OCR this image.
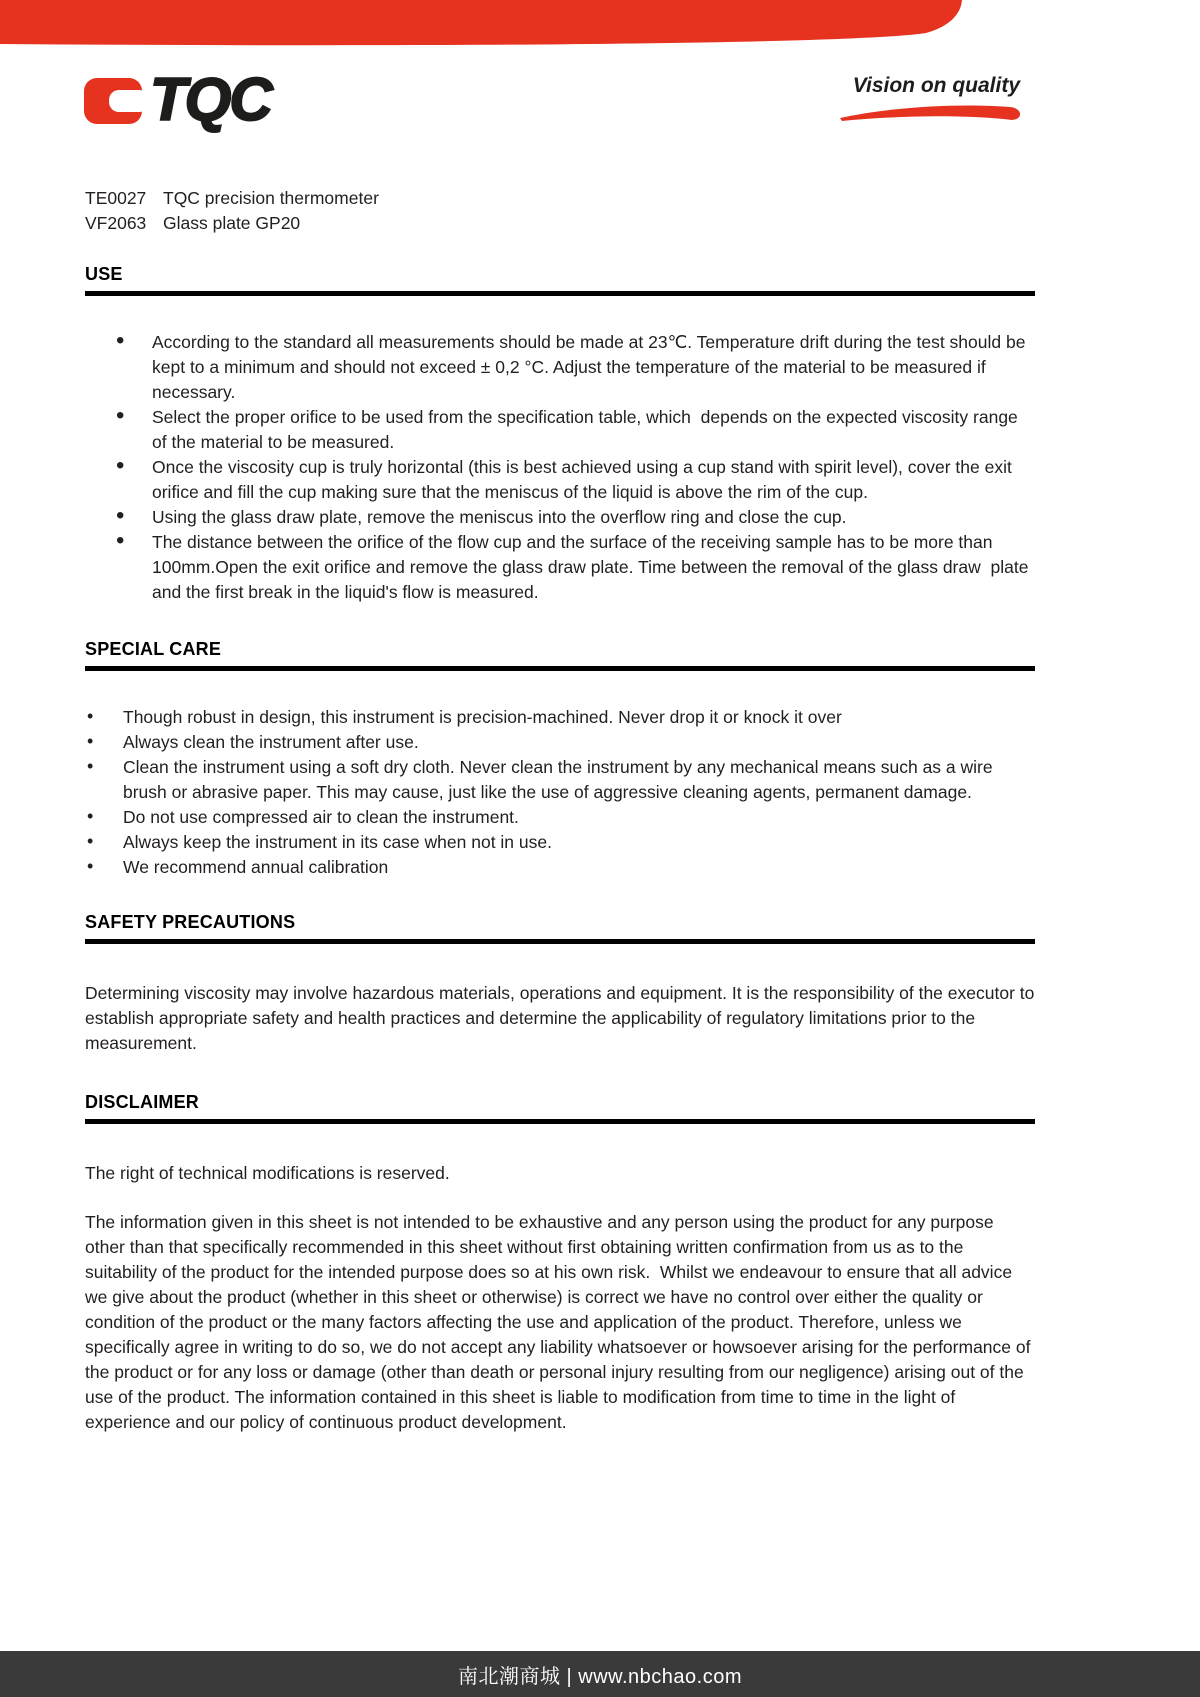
TQC	Vision on quality
TE0027 TQC precision thermometer
VF2063 Glass plate GP20
USE
• According to the standard all measurements should be made at 23℃. Temperature drift during the test should be kept to a minimum and should not exceed ± 0,2 °C. Adjust the temperature of the material to be measured if  necessary.
• Select the proper orifice to be used from the specification table, which  depends on the expected viscosity range of the material to be measured.
• Once the viscosity cup is truly horizontal (this is best achieved using a cup stand with spirit level), cover the exit  orifice and fill the cup making sure that the meniscus of the liquid is above the rim of the cup.
• Using the glass draw plate, remove the meniscus into the overflow ring and close the cup.
• The distance between the orifice of the flow cup and the surface of the receiving sample has to be more than 100mm.Open the exit orifice and remove the glass draw plate. Time between the removal of the glass draw  plate and the first break in the liquid's flow is measured.
SPECIAL CARE
• Though robust in design, this instrument is precision-machined. Never drop it or knock it over
• Always clean the instrument after use.
• Clean the instrument using a soft dry cloth. Never clean the instrument by any mechanical means such as a wire brush or abrasive paper. This may cause, just like the use of aggressive cleaning agents, permanent damage.
• Do not use compressed air to clean the instrument.
• Always keep the instrument in its case when not in use.
• We recommend annual calibration
SAFETY PRECAUTIONS

Determining viscosity may involve hazardous materials, operations and equipment. It is the responsibility of the executor to establish appropriate safety and health practices and determine the applicability of regulatory limitations prior to the measurement.

DISCLAIMER

The right of technical modifications is reserved.

The information given in this sheet is not intended to be exhaustive and any person using the product for any purpose other than that specifically recommended in this sheet without first obtaining written confirmation from us as to the suitability of the product for the intended purpose does so at his own risk.  Whilst we endeavour to ensure that all advice we give about the product (whether in this sheet or otherwise) is correct we have no control over either the quality or condition of the product or the many factors affecting the use and application of the product. Therefore, unless we specifically agree in writing to do so, we do not accept any liability whatsoever or howsoever arising for the performance of the product or for any loss or damage (other than death or personal injury resulting from our negligence) arising out of the use of the product. The information contained in this sheet is liable to modification from time to time in the light of experience and our policy of continuous product development.

南北潮商城 | www.nbchao.com
